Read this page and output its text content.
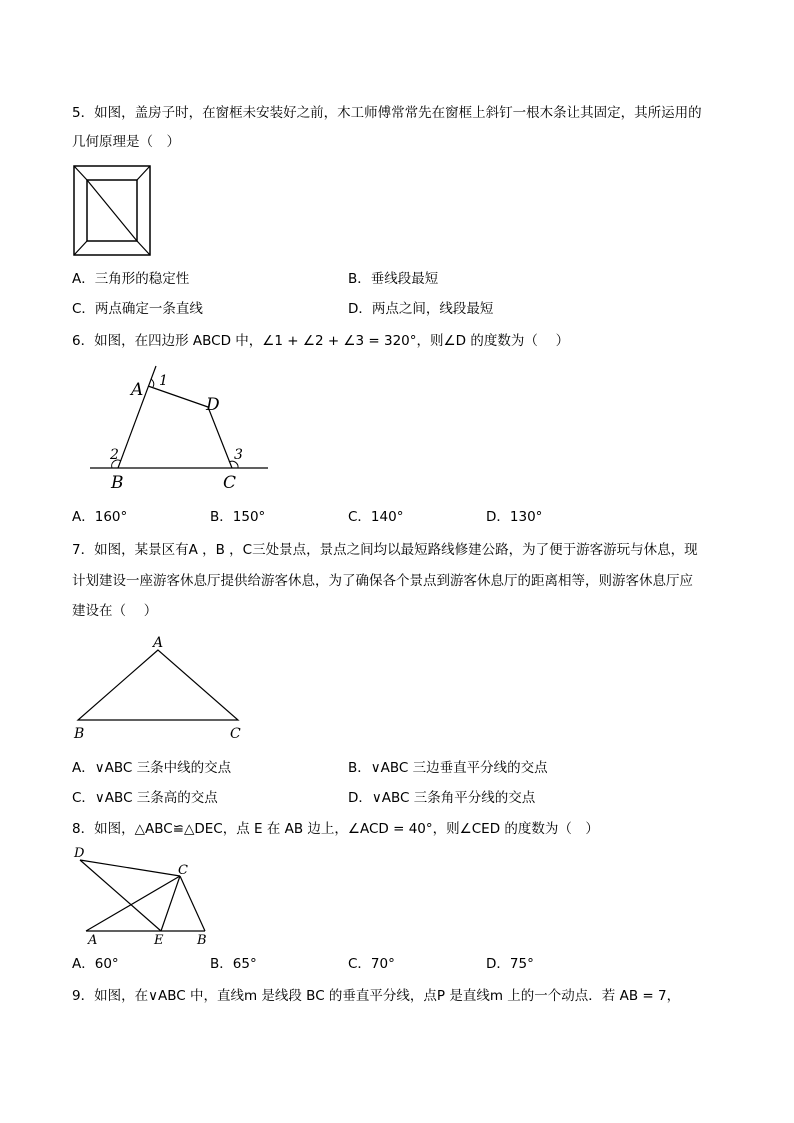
5．如图，盖房子时，在窗框未安装好之前，木工师傅常常先在窗框上斜钉一根木条让其固定，其所运用的
几何原理是（　）
A．三角形的稳定性	B．垂线段最短
C．两点确定一条直线	D．两点之间，线段最短
6．如图，在四边形 ABCD 中，∠1 + ∠2 + ∠3 = 320°，则∠D 的度数为（　 ）
A 1
D
2	3
B	C
A．160°	B．150°	C．140°	D．130°
7．如图，某景区有A ，B ，C三处景点，景点之间均以最短路线修建公路，为了便于游客游玩与休息，现
计划建设一座游客休息厅提供给游客休息，为了确保各个景点到游客休息厅的距离相等，则游客休息厅应
建设在（　 ）
A
B	C
A．∨ABC 三条中线的交点	B．∨ABC 三边垂直平分线的交点
C．∨ABC 三条高的交点	D．∨ABC 三条角平分线的交点
8．如图，△ABC≌△DEC，点 E 在 AB 边上，∠ACD = 40°，则∠CED 的度数为（　）
D
C
A	E	B
A．60°	B．65°	C．70°	D．75°
9．如图，在∨ABC 中，直线m 是线段 BC 的垂直平分线，点P 是直线m 上的一个动点．若 AB = 7，
